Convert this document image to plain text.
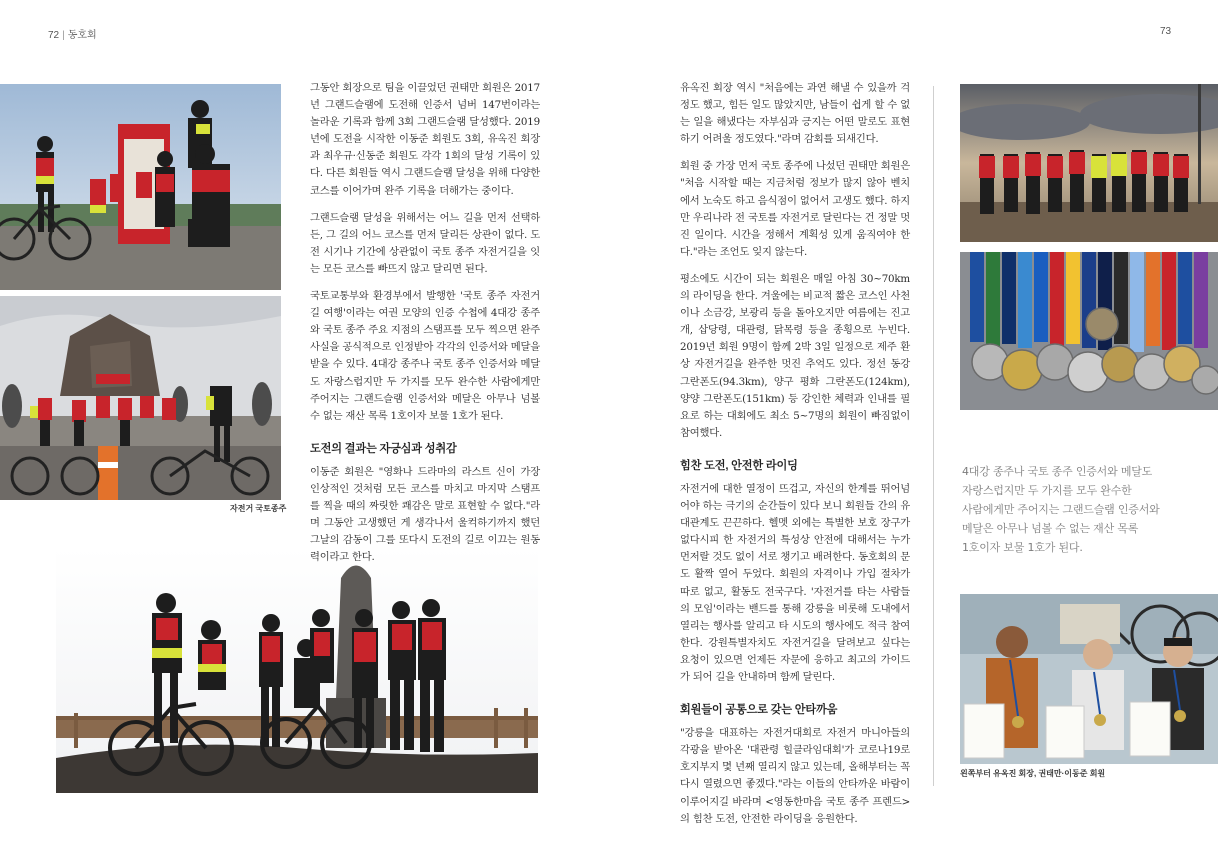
72 | 동호회	73
자전거 국토종주

그동안 회장으로 팀을 이끌었던 권태만 회원은 2017년 그랜드슬램에 도전해 인증서 넘버 147번이라는 놀라운 기록과 함께 3회 그랜드슬램 달성했다. 2019년에 도전을 시작한 이동준 회원도 3회, 유옥진 회장과 최우규·신동준 회원도 각각 1회의 달성 기록이 있다. 다른 회원들 역시 그랜드슬램 달성을 위해 다양한 코스를 이어가며 완주 기록을 더해가는 중이다.

그랜드슬램 달성을 위해서는 어느 길을 먼저 선택하든, 그 길의 어느 코스를 먼저 달리든 상관이 없다. 도전 시기나 기간에 상관없이 국토 종주 자전거길을 잇는 모든 코스를 빠뜨지 않고 달리면 된다.

국토교통부와 환경부에서 발행한 '국토 종주 자전거길 여행'이라는 여권 모양의 인증 수첩에 4대강 종주와 국토 종주 주요 지점의 스탬프를 모두 찍으면 완주 사실을 공식적으로 인정받아 각각의 인증서와 메달을 받을 수 있다. 4대강 종주나 국토 종주 인증서와 메달도 자랑스럽지만 두 가지를 모두 완수한 사람에게만 주어지는 그랜드슬램 인증서와 메달은 아무나 넘볼 수 없는 재산 목록 1호이자 보물 1호가 된다.

도전의 결과는 자긍심과 성취감

이동준 회원은 "영화나 드라마의 라스트 신이 가장 인상적인 것처럼 모든 코스를 마치고 마지막 스탬프를 찍을 때의 짜릿한 쾌감은 말로 표현할 수 없다."라며 그동안 고생했던 게 생각나서 울컥하기까지 했던 그날의 감동이 그를 또다시 도전의 길로 이끄는 원동력이라고 한다.

유옥진 회장 역시 "처음에는 과연 해낼 수 있을까 걱정도 했고, 힘든 일도 많았지만, 남들이 쉽게 할 수 없는 일을 해냈다는 자부심과 긍지는 어떤 말로도 표현하기 어려울 정도였다."라며 감회를 되새긴다.

회원 중 가장 먼저 국토 종주에 나섰던 권태만 회원은 "처음 시작할 때는 지금처럼 정보가 많지 않아 벤치에서 노숙도 하고 음식점이 없어서 고생도 했다. 하지만 우리나라 전 국토를 자전거로 달린다는 건 정말 멋진 일이다. 시간을 정해서 계획성 있게 움직여야 한다."라는 조언도 잊지 않는다.

평소에도 시간이 되는 회원은 매일 아침 30~70km의 라이딩을 한다. 겨울에는 비교적 짧은 코스인 사천이나 소금강, 보광리 등을 돌아오지만 여름에는 진고개, 삽당령, 대관령, 닭목령 등을 종횡으로 누빈다. 2019년 회원 9명이 함께 2박 3일 일정으로 제주 환상 자전거길을 완주한 멋진 추억도 있다. 정선 동강 그란폰도(94.3km), 양구 평화 그란폰도(124km), 양양 그란폰도(151km) 등 강인한 체력과 인내를 필요로 하는 대회에도 최소 5~7명의 회원이 빠짐없이 참여했다.

힘찬 도전, 안전한 라이딩

자전거에 대한 열정이 뜨겁고, 자신의 한계를 뛰어넘어야 하는 극기의 순간들이 있다 보니 회원들 간의 유대관계도 끈끈하다. 헬멧 외에는 특별한 보호 장구가 없다시피 한 자전거의 특성상 안전에 대해서는 누가 먼저랄 것도 없이 서로 챙기고 배려한다. 동호회의 문도 활짝 열어 두었다. 회원의 자격이나 가입 절차가 따로 없고, 활동도 전국구다. '자전거를 타는 사람들의 모임'이라는 밴드를 통해 강릉을 비롯해 도내에서 열리는 행사를 알리고 타 시도의 행사에도 적극 참여한다. 강원특별자치도 자전거길을 달려보고 싶다는 요청이 있으면 언제든 자문에 응하고 최고의 가이드가 되어 길을 안내하며 함께 달린다.

회원들이 공통으로 갖는 안타까움

"강릉을 대표하는 자전거대회로 자전거 마니아들의 각광을 받아온 '대관령 힐클라임대회'가 코로나19로 호지부지 몇 년째 열리지 않고 있는데, 올해부터는 꼭 다시 열렸으면 좋겠다."라는 이들의 안타까운 바람이 이루어지길 바라며 <영동한마음 국토 종주 프렌드>의 힘찬 도전, 안전한 라이딩을 응원한다.

4대강 종주나 국토 종주 인증서와 메달도
자랑스럽지만 두 가지를 모두 완수한
사람에게만 주어지는 그랜드슬램 인증서와
메달은 아무나 넘볼 수 없는 재산 목록
1호이자 보물 1호가 된다.
왼쪽부터 유옥진 회장, 권태만·이동준 회원
